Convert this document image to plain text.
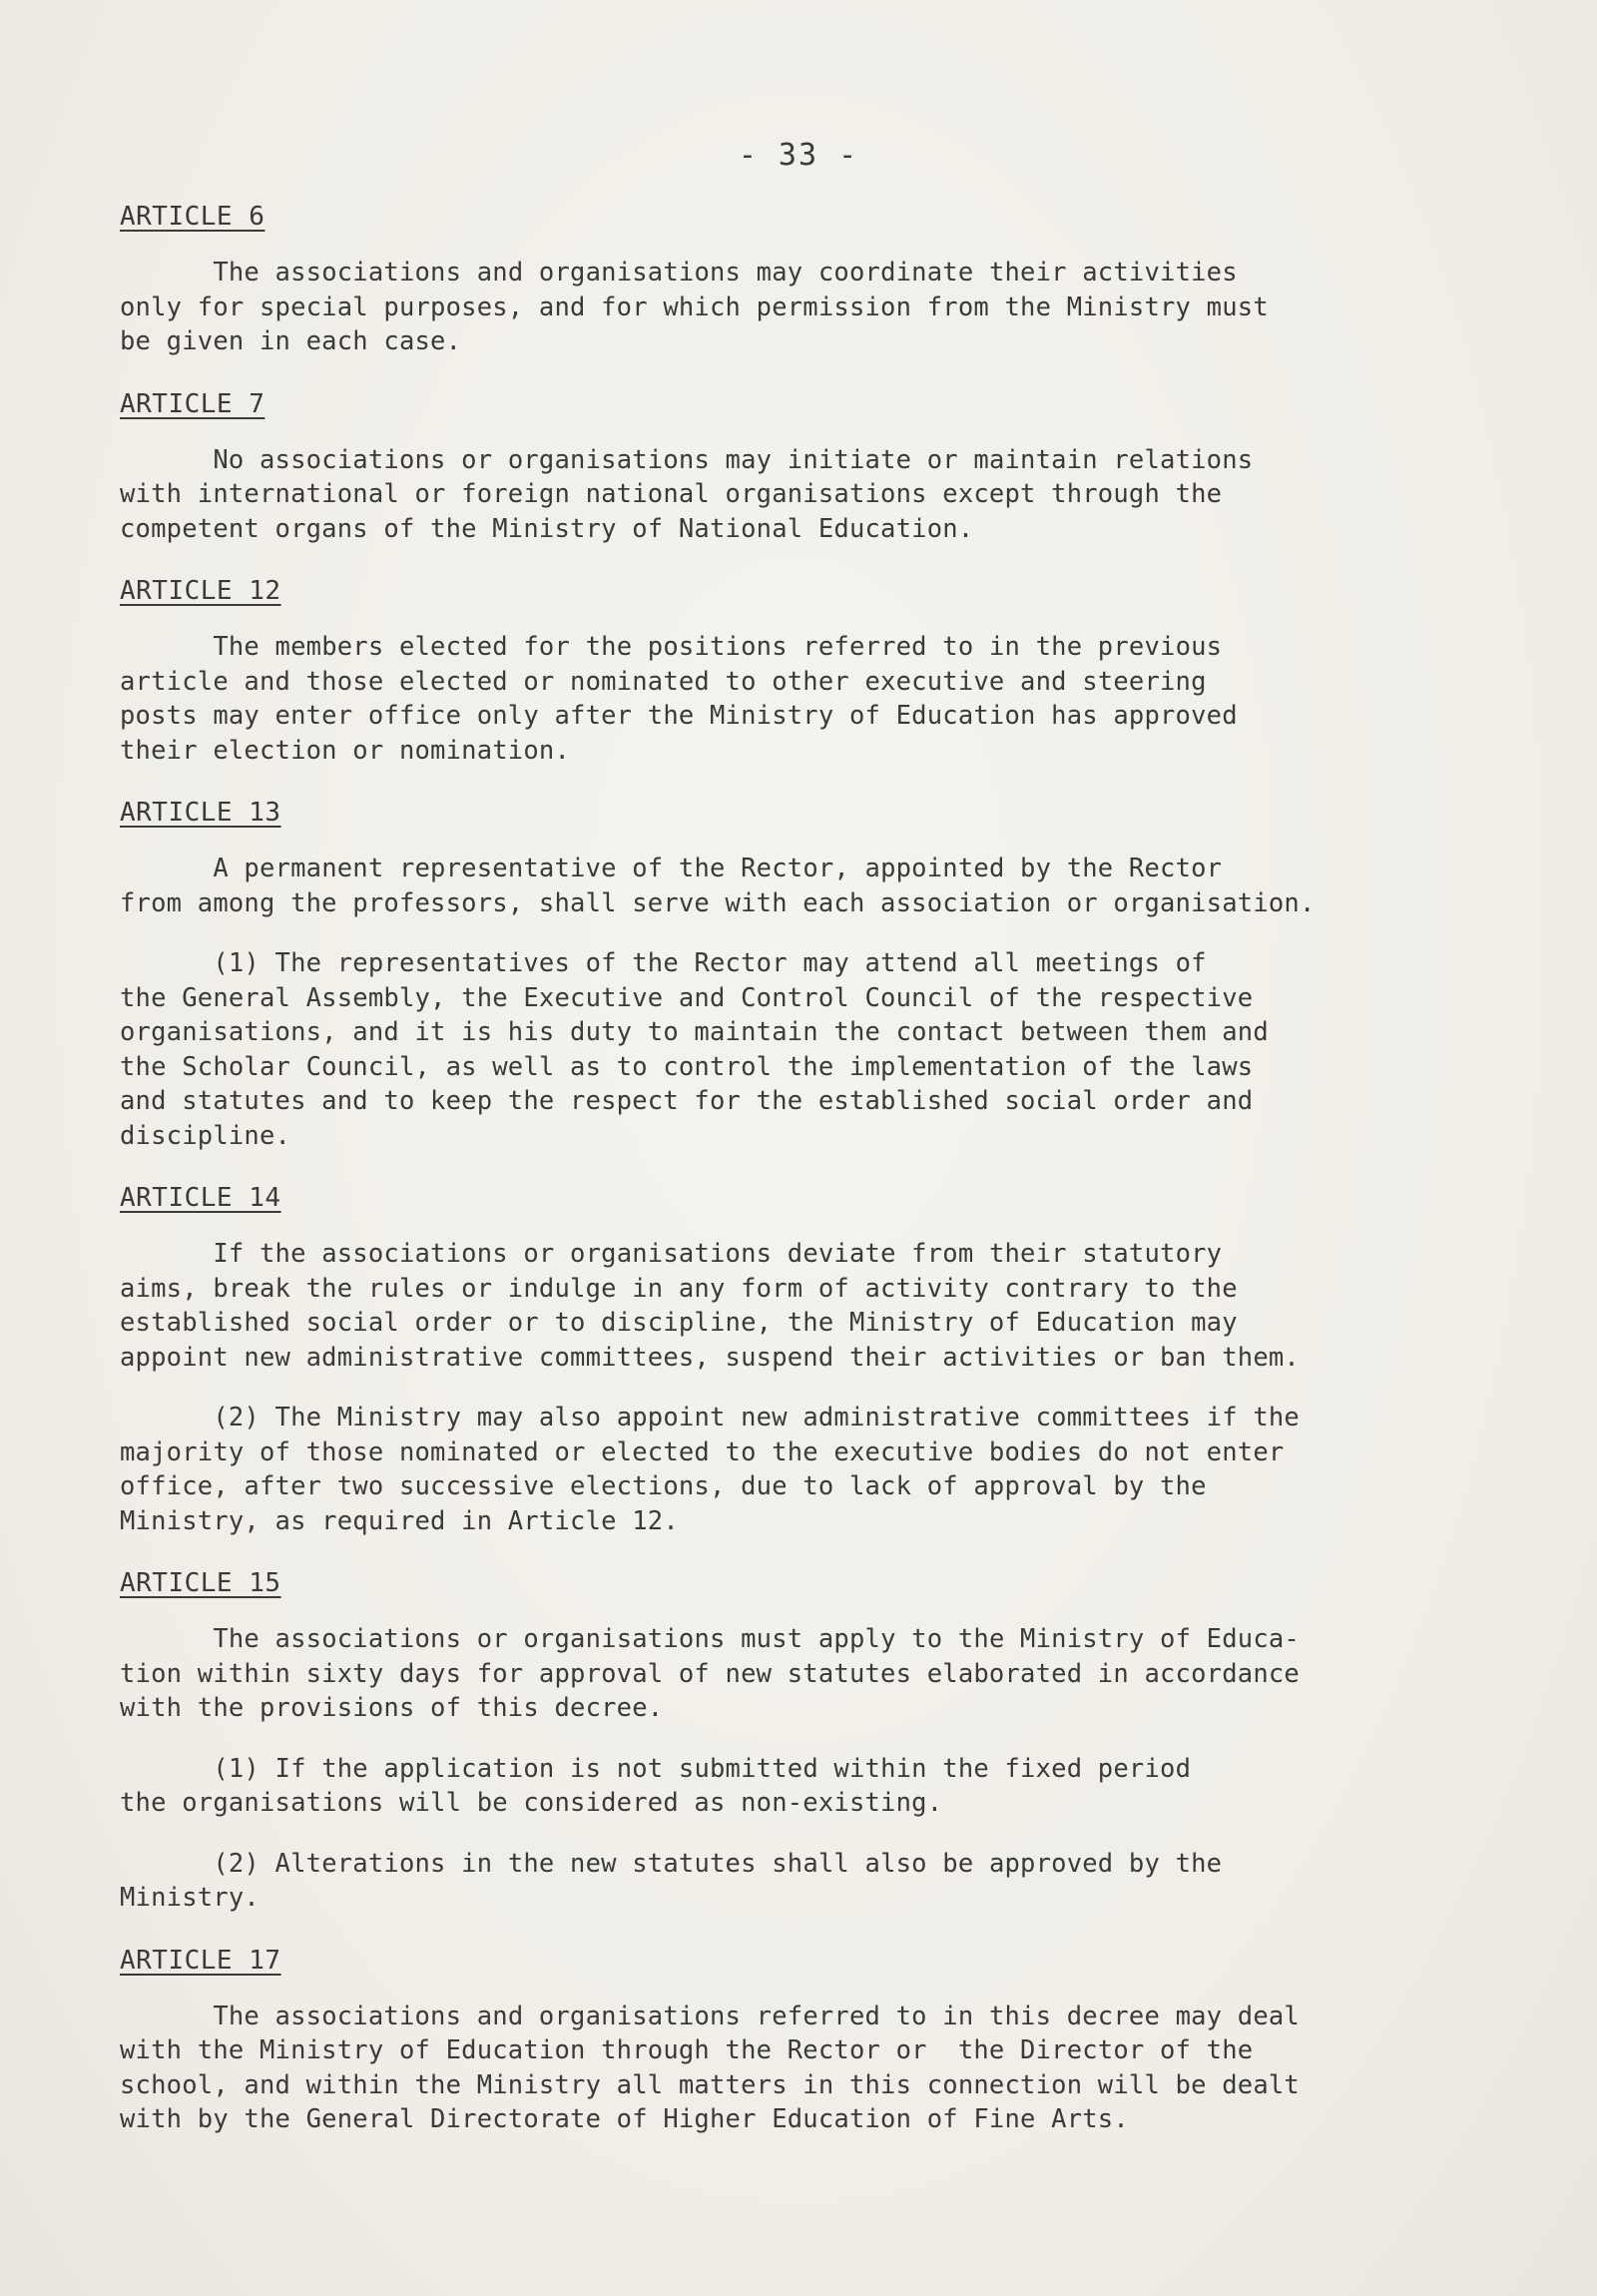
- 33 -
ARTICLE 6
The associations and organisations may coordinate their activities
only for special purposes, and for which permission from the Ministry must
be given in each case.
ARTICLE 7
No associations or organisations may initiate or maintain relations
with international or foreign national organisations except through the
competent organs of the Ministry of National Education.
ARTICLE 12
The members elected for the positions referred to in the previous
article and those elected or nominated to other executive and steering
posts may enter office only after the Ministry of Education has approved
their election or nomination.
ARTICLE 13
A permanent representative of the Rector, appointed by the Rector
from among the professors, shall serve with each association or organisation.
(1) The representatives of the Rector may attend all meetings of
the General Assembly, the Executive and Control Council of the respective
organisations, and it is his duty to maintain the contact between them and
the Scholar Council, as well as to control the implementation of the laws
and statutes and to keep the respect for the established social order and
discipline.
ARTICLE 14
If the associations or organisations deviate from their statutory
aims, break the rules or indulge in any form of activity contrary to the
established social order or to discipline, the Ministry of Education may
appoint new administrative committees, suspend their activities or ban them.
(2) The Ministry may also appoint new administrative committees if the
majority of those nominated or elected to the executive bodies do not enter
office, after two successive elections, due to lack of approval by the
Ministry, as required in Article 12.
ARTICLE 15
The associations or organisations must apply to the Ministry of Educa-
tion within sixty days for approval of new statutes elaborated in accordance
with the provisions of this decree.
(1) If the application is not submitted within the fixed period
the organisations will be considered as non-existing.
(2) Alterations in the new statutes shall also be approved by the
Ministry.
ARTICLE 17
The associations and organisations referred to in this decree may deal
with the Ministry of Education through the Rector or  the Director of the
school, and within the Ministry all matters in this connection will be dealt
with by the General Directorate of Higher Education of Fine Arts.
